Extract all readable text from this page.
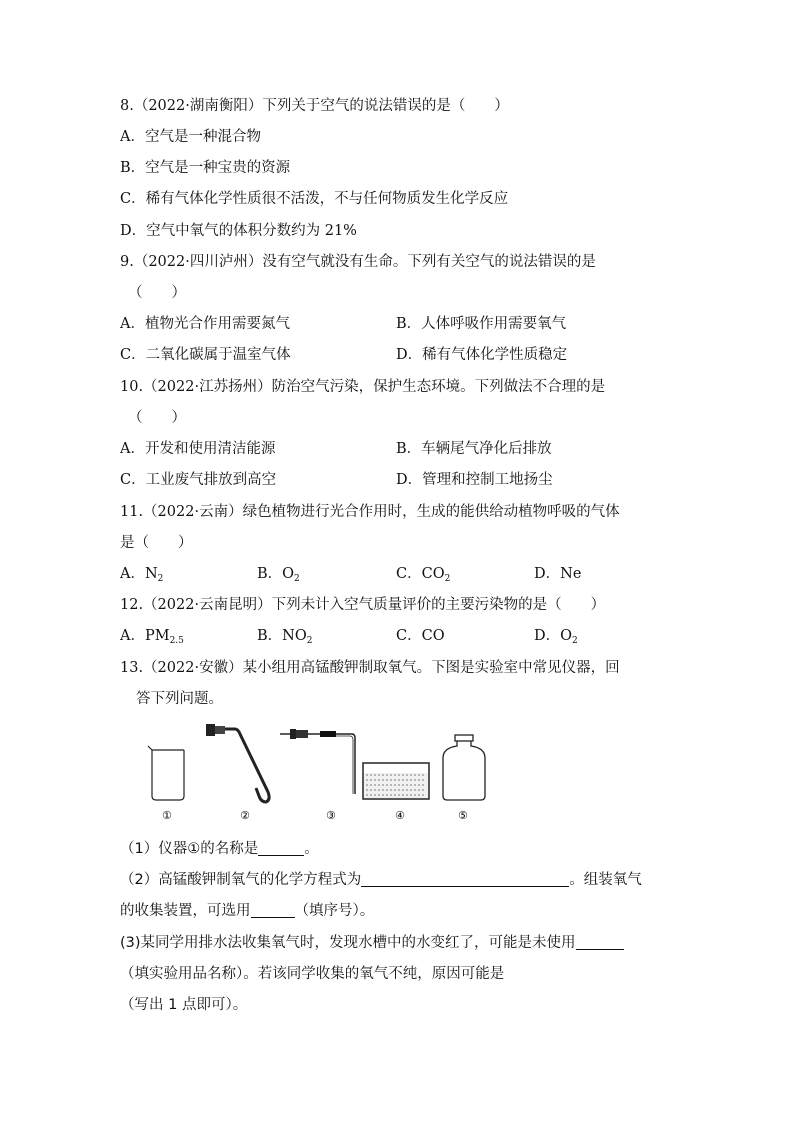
8.（2022·湖南衡阳）下列关于空气的说法错误的是（　　）
A．空气是一种混合物
B．空气是一种宝贵的资源
C．稀有气体化学性质很不活泼，不与任何物质发生化学反应
D．空气中氧气的体积分数约为 21%
9.（2022·四川泸州）没有空气就没有生命。下列有关空气的说法错误的是
（　　）
A．植物光合作用需要氮气	B．人体呼吸作用需要氧气
C．二氧化碳属于温室气体	D．稀有气体化学性质稳定
10.（2022·江苏扬州）防治空气污染，保护生态环境。下列做法不合理的是
（　　）
A．开发和使用清洁能源	B．车辆尾气净化后排放
C．工业废气排放到高空	D．管理和控制工地扬尘
11.（2022·云南）绿色植物进行光合作用时，生成的能供给动植物呼吸的气体
是（　　）
A．$N_2$	B．$O_2$	C．$CO_2$	D．Ne
12.（2022·云南昆明）下列未计入空气质量评价的主要污染物的是（　　）
A．$PM_{2.5}$	B．$NO_2$	C．CO	D．$O_2$
13.（2022·安徽）某小组用高锰酸钾制取氧气。下图是实验室中常见仪器，回
答下列问题。
①	②	③	④	⑤
（1）仪器①的名称是	。
（2）高锰酸钾制氧气的化学方程式为	。组装氧气
的收集装置，可选用	（填序号）。
(3)某同学用排水法收集氧气时，发现水槽中的水变红了，可能是未使用
（填实验用品名称）。若该同学收集的氧气不纯，原因可能是
（写出 1 点即可）。
